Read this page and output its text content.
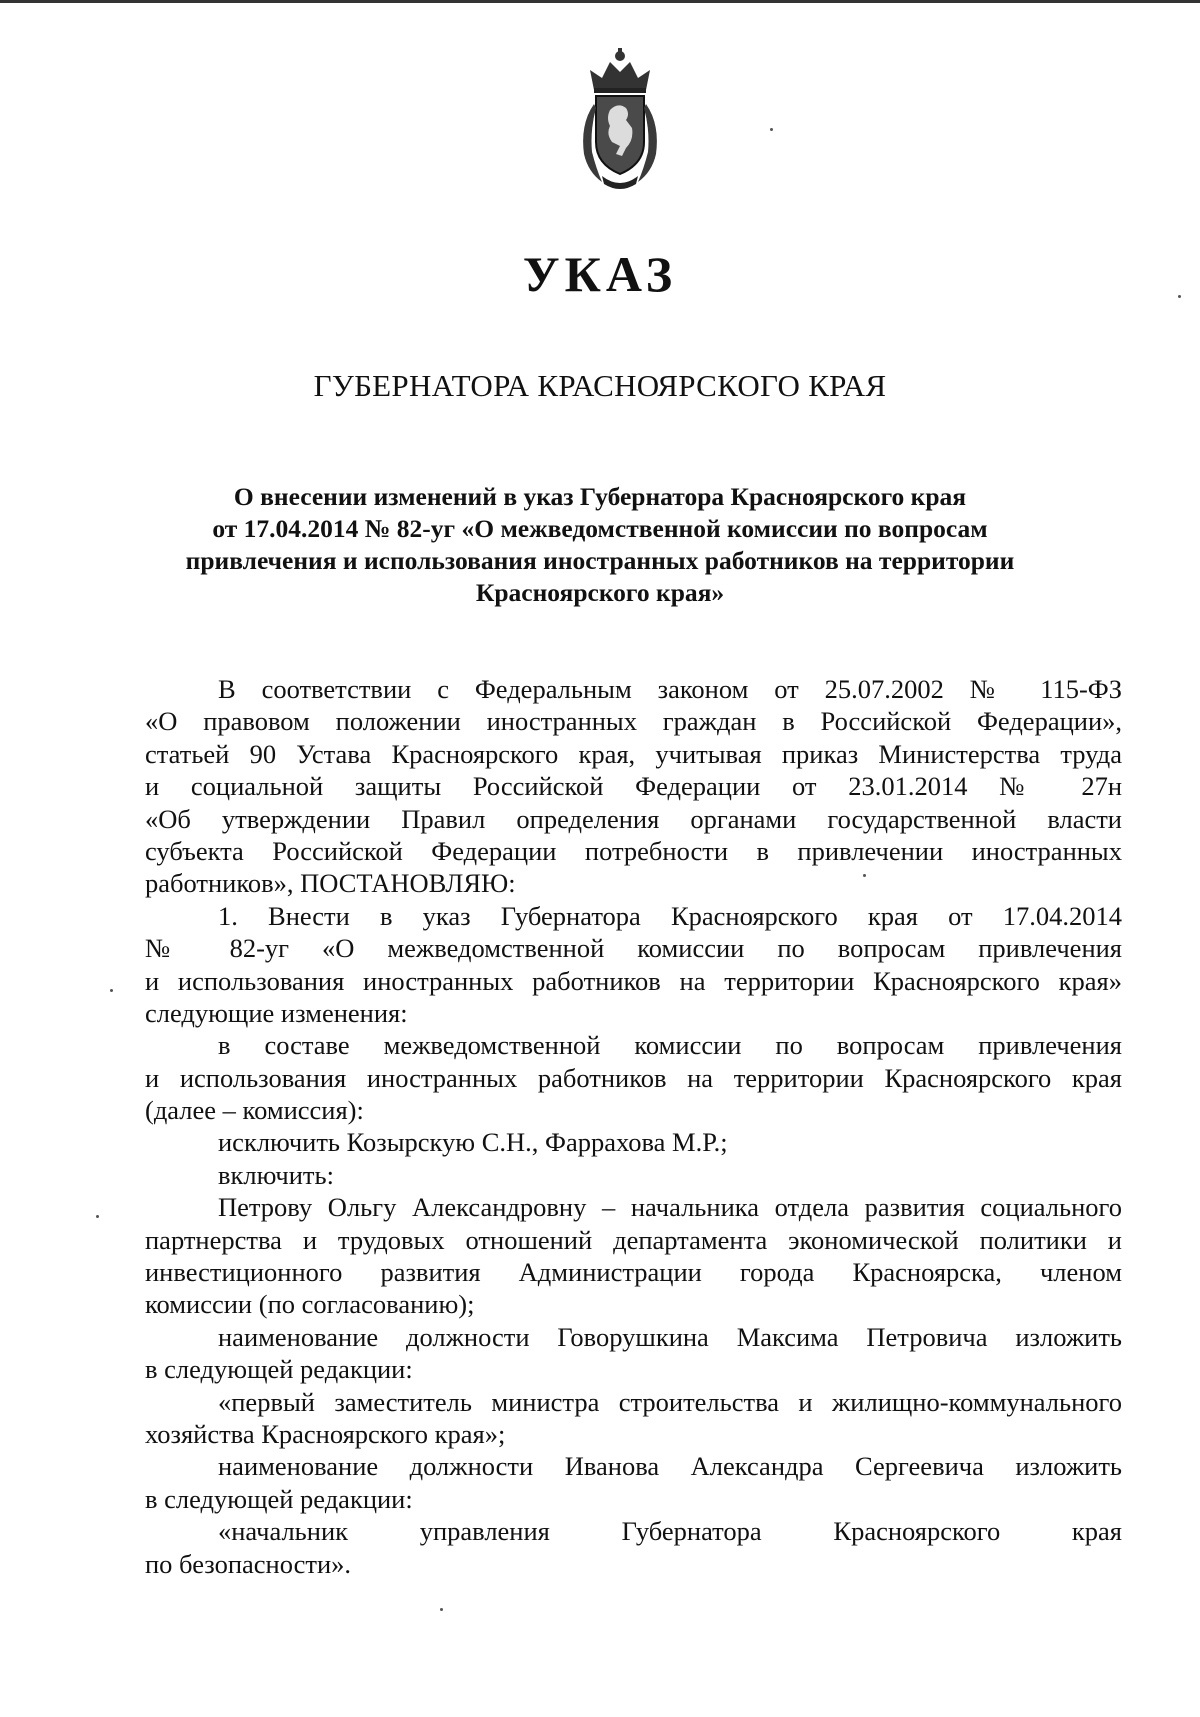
УКАЗ
ГУБЕРНАТОРА КРАСНОЯРСКОГО КРАЯ
О внесении изменений в указ Губернатора Красноярского края
от 17.04.2014 № 82-уг «О межведомственной комиссии по вопросам
привлечения и использования иностранных работников на территории
Красноярского края»
В соответствии с Федеральным законом от 25.07.2002 № 115-ФЗ
«О правовом положении иностранных граждан в Российской Федерации»,
статьей 90 Устава Красноярского края, учитывая приказ Министерства труда
и социальной защиты Российской Федерации от 23.01.2014 № 27н
«Об утверждении Правил определения органами государственной власти
субъекта Российской Федерации потребности в привлечении иностранных
работников», ПОСТАНОВЛЯЮ:
1. Внести в указ Губернатора Красноярского края от 17.04.2014
№ 82-уг «О межведомственной комиссии по вопросам привлечения
и использования иностранных работников на территории Красноярского края»
следующие изменения:
в составе межведомственной комиссии по вопросам привлечения
и использования иностранных работников на территории Красноярского края
(далее – комиссия):
исключить Козырскую С.Н., Фаррахова М.Р.;
включить:
Петрову Ольгу Александровну – начальника отдела развития социального
партнерства и трудовых отношений департамента экономической политики и
инвестиционного развития Администрации города Красноярска, членом
комиссии (по согласованию);
наименование должности Говорушкина Максима Петровича изложить
в следующей редакции:
«первый заместитель министра строительства и жилищно-коммунального
хозяйства Красноярского края»;
наименование должности Иванова Александра Сергеевича изложить
в следующей редакции:
«начальник управления Губернатора Красноярского края
по безопасности».
